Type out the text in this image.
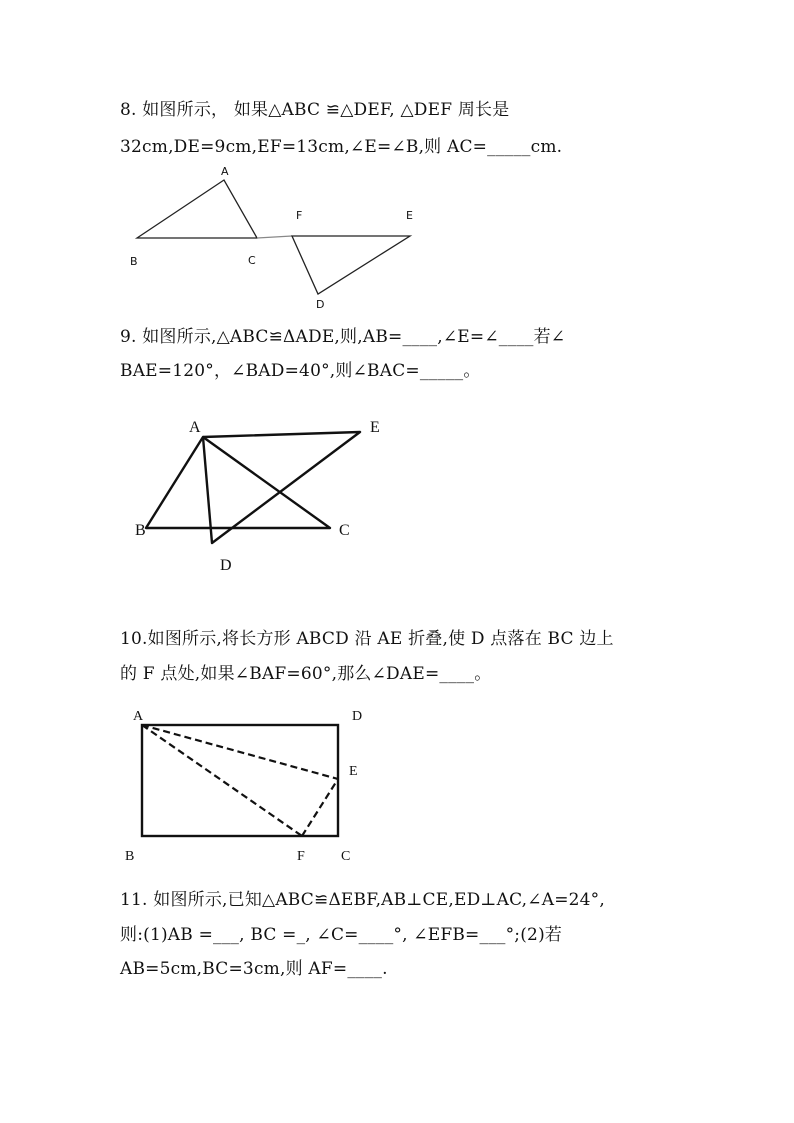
8. 如图所示， 如果△ABC ≌△DEF, △DEF 周长是
32cm,DE=9cm,EF=13cm,∠E=∠B,则 AC=_____cm.
A
B	C
F	E
D
9. 如图所示,△ABC≌ΔADE,则,AB=____,∠E=∠____若∠
BAE=120°，∠BAD=40°,则∠BAC=_____。
A
B	C
D
E
10.如图所示,将长方形 ABCD 沿 AE 折叠,使 D 点落在 BC 边上
的 F 点处,如果∠BAF=60°,那么∠DAE=____。
A	D
E
B	F	C
11. 如图所示,已知△ABC≌ΔEBF,AB⊥CE,ED⊥AC,∠A=24°,
则:(1)AB =___, BC =_, ∠C=____°, ∠EFB=___°;(2)若
AB=5cm,BC=3cm,则 AF=____.
